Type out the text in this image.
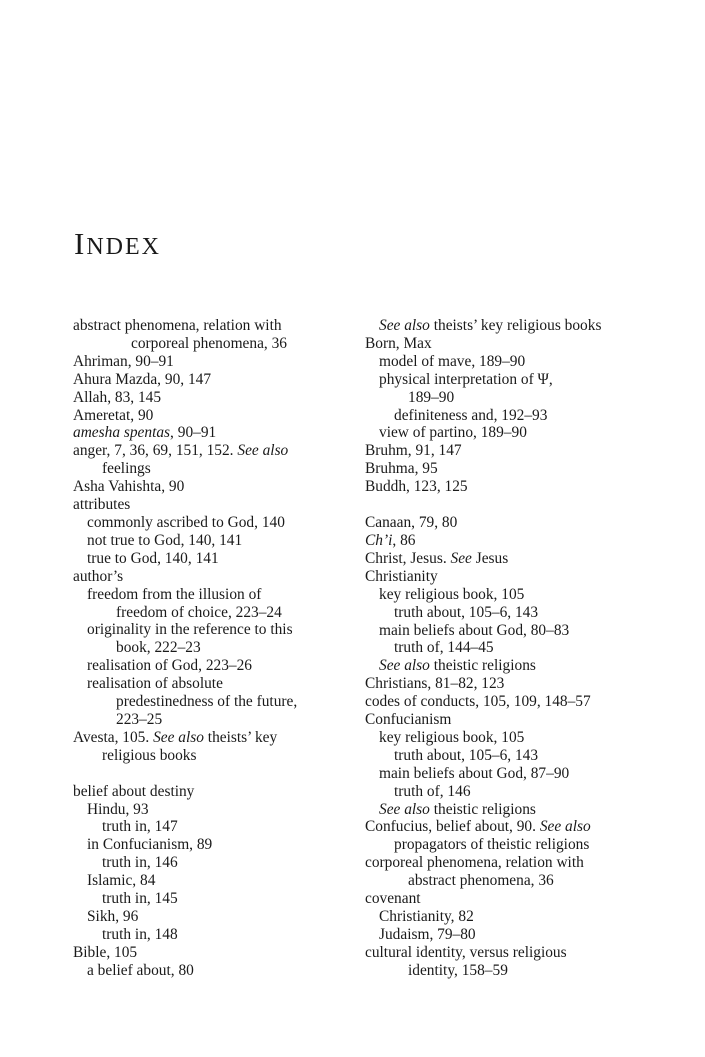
INDEX
abstract phenomena, relation with
corporeal phenomena, 36
Ahriman, 90–91
Ahura Mazda, 90, 147
Allah, 83, 145
Ameretat, 90
amesha spentas, 90–91
anger, 7, 36, 69, 151, 152. See also
feelings
Asha Vahishta, 90
attributes
commonly ascribed to God, 140
not true to God, 140, 141
true to God, 140, 141
author’s
freedom from the illusion of
freedom of choice, 223–24
originality in the reference to this
book, 222–23
realisation of God, 223–26
realisation of absolute
predestinedness of the future,
223–25
Avesta, 105. See also theists’ key
religious books
belief about destiny
Hindu, 93
truth in, 147
in Confucianism, 89
truth in, 146
Islamic, 84
truth in, 145
Sikh, 96
truth in, 148
Bible, 105
a belief about, 80
See also theists’ key religious books
Born, Max
model of mave, 189–90
physical interpretation of Ψ,
189–90
definiteness and, 192–93
view of partino, 189–90
Bruhm, 91, 147
Bruhma, 95
Buddh, 123, 125
Canaan, 79, 80
Ch’i, 86
Christ, Jesus. See Jesus
Christianity
key religious book, 105
truth about, 105–6, 143
main beliefs about God, 80–83
truth of, 144–45
See also theistic religions
Christians, 81–82, 123
codes of conducts, 105, 109, 148–57
Confucianism
key religious book, 105
truth about, 105–6, 143
main beliefs about God, 87–90
truth of, 146
See also theistic religions
Confucius, belief about, 90. See also
propagators of theistic religions
corporeal phenomena, relation with
abstract phenomena, 36
covenant
Christianity, 82
Judaism, 79–80
cultural identity, versus religious
identity, 158–59
